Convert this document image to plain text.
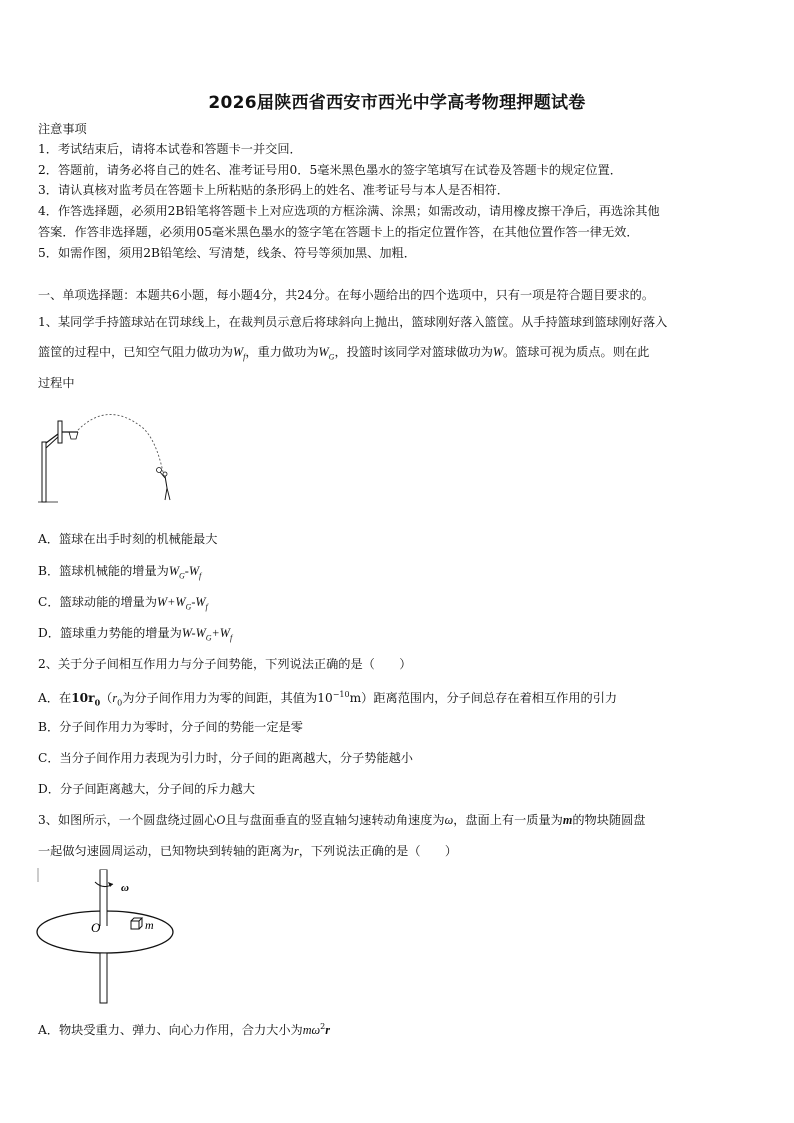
2026届陕西省西安市西光中学高考物理押题试卷
注意事项
1．考试结束后，请将本试卷和答题卡一并交回．
2．答题前，请务必将自己的姓名、准考证号用0．5毫米黑色墨水的签字笔填写在试卷及答题卡的规定位置．
3．请认真核对监考员在答题卡上所粘贴的条形码上的姓名、准考证号与本人是否相符．
4．作答选择题，必须用2B铅笔将答题卡上对应选项的方框涂满、涂黑；如需改动，请用橡皮擦干净后，再选涂其他
答案．作答非选择题，必须用05毫米黑色墨水的签字笔在答题卡上的指定位置作答，在其他位置作答一律无效．
5．如需作图，须用2B铅笔绘、写清楚，线条、符号等须加黑、加粗．
一、单项选择题：本题共6小题，每小题4分，共24分。在每小题给出的四个选项中，只有一项是符合题目要求的。
1、某同学手持篮球站在罚球线上，在裁判员示意后将球斜向上抛出，篮球刚好落入篮筐。从手持篮球到篮球刚好落入
篮筐的过程中，已知空气阻力做功为$W_f$，重力做功为$W_G$，投篮时该同学对篮球做功为W。篮球可视为质点。则在此
过程中
A．篮球在出手时刻的机械能最大
B．篮球机械能的增量为$W_G-W_f$
C．篮球动能的增量为$W+W_G-W_f$
D．篮球重力势能的增量为$W-W_G+W_f$
2、关于分子间相互作用力与分子间势能，下列说法正确的是（　　）
A．在$10r_0(r_0$为分子间作用力为零的间距，其值为$10^{-10}m$）距离范围内，分子间总存在着相互作用的引力
B．分子间作用力为零时，分子间的势能一定是零
C．当分子间作用力表现为引力时，分子间的距离越大，分子势能越小
D．分子间距离越大，分子间的斥力越大
3、如图所示，一个圆盘绕过圆心O且与盘面垂直的竖直轴匀速转动角速度为ω，盘面上有一质量为m的物块随圆盘
一起做匀速圆周运动，已知物块到转轴的距离为r，下列说法正确的是（　　）
ω
O	m
A．物块受重力、弹力、向心力作用，合力大小为$m\omega^2r$
